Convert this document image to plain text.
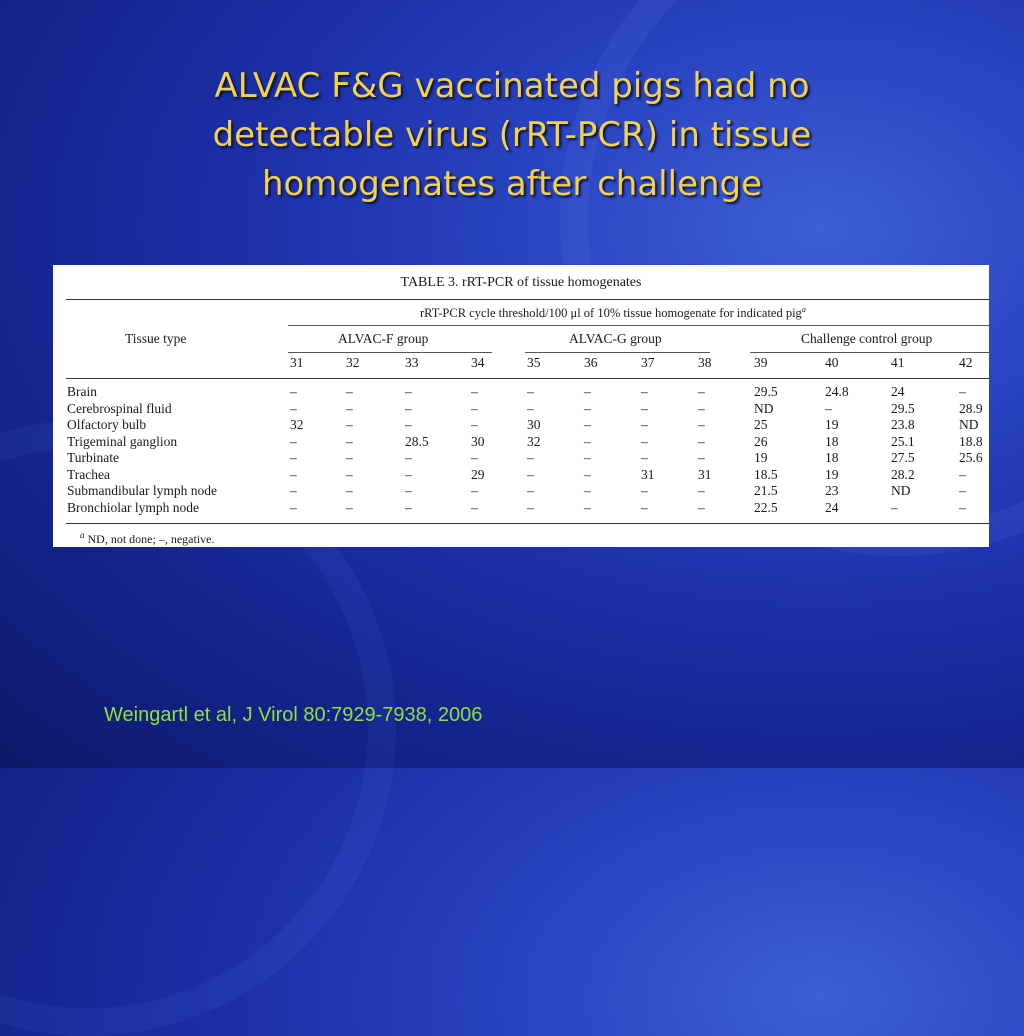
ALVAC F&G vaccinated pigs had no
detectable virus (rRT-PCR) in tissue
homogenates after challenge
TABLE 3. rRT-PCR of tissue homogenates
rRT-PCR cycle threshold/100 μl of 10% tissue homogenate for indicated pig$^a$
Tissue type	ALVAC-F group	ALVAC-G group	Challenge control group
31	32	33	34	35	36	37	38	39	40	41	42
Brain	–	–	–	–	–	–	–	–	29.5	24.8	24	–
Cerebrospinal fluid	–	–	–	–	–	–	–	–	ND	–	29.5	28.9
Olfactory bulb	32	–	–	–	30	–	–	–	25	19	23.8	ND
Trigeminal ganglion	–	–	28.5	30	32	–	–	–	26	18	25.1	18.8
Turbinate	–	–	–	–	–	–	–	–	19	18	27.5	25.6
Trachea	–	–	–	29	–	–	31	31	18.5	19	28.2	–
Submandibular lymph node	–	–	–	–	–	–	–	–	21.5	23	ND	–
Bronchiolar lymph node	–	–	–	–	–	–	–	–	22.5	24	–	–
$^a$ ND, not done; –, negative.
Weingartl et al, J Virol 80:7929-7938, 2006
